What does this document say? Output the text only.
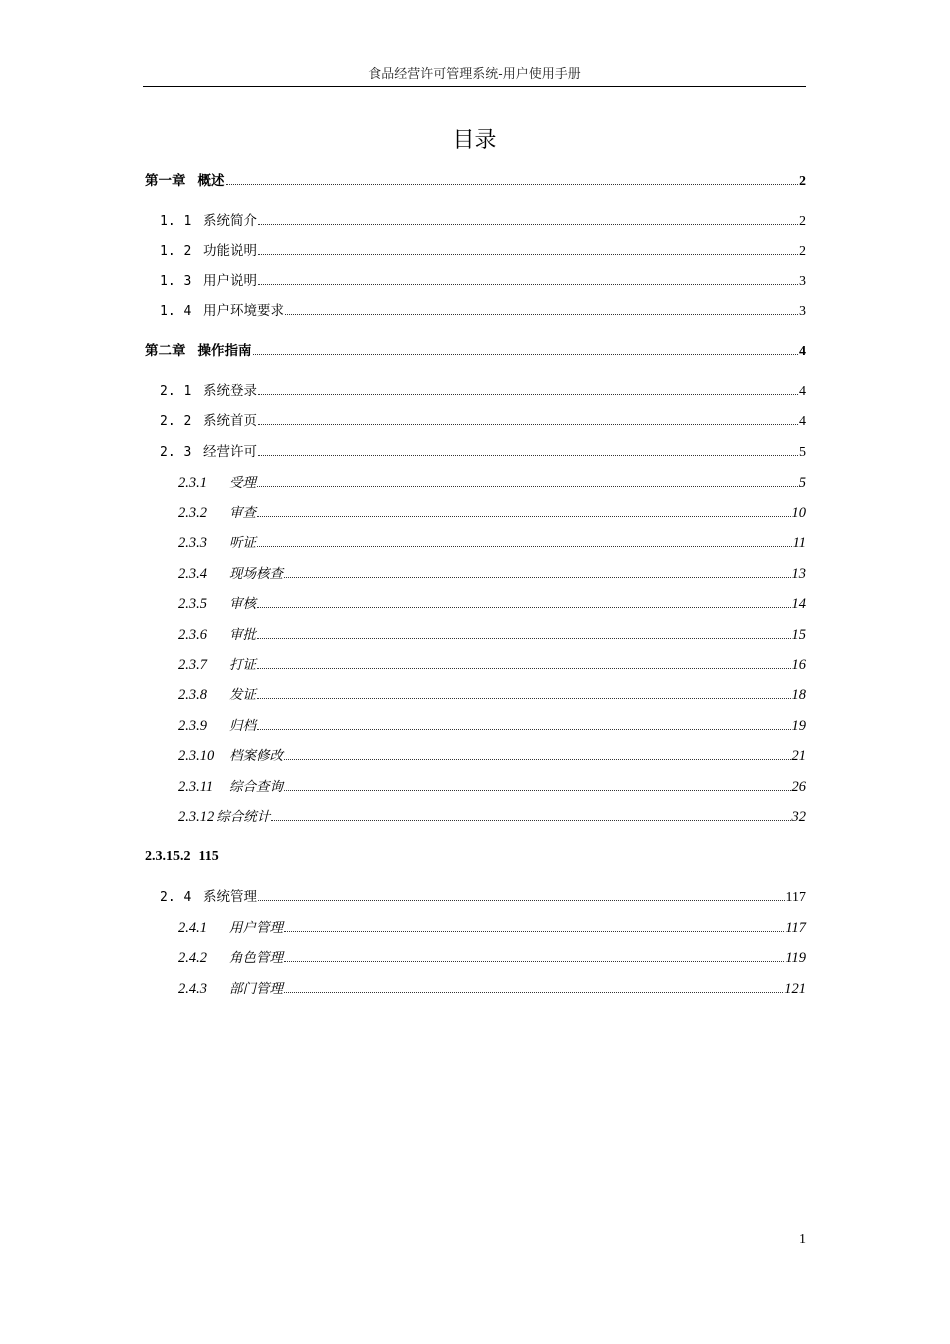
食品经营许可管理系统-用户使用手册
目录
第一章 概述	2
1. 1 系统简介	2
1. 2 功能说明	2
1. 3 用户说明	3
1. 4 用户环境要求	3
第二章 操作指南	4
2. 1 系统登录	4
2. 2 系统首页	4
2. 3 经营许可	5
2.3.1	受理	5
2.3.2	审查	10
2.3.3	听证	11
2.3.4	现场核查	13
2.3.5	审核	14
2.3.6	审批	15
2.3.7	打证	16
2.3.8	发证	18
2.3.9	归档	19
2.3.10	档案修改	21
2.3.11	综合查询	26
2.3.12 综合统计	32
2.3.15.2 115
2. 4 系统管理	117
2.4.1	用户管理	117
2.4.2	角色管理	119
2.4.3	部门管理	121
1
